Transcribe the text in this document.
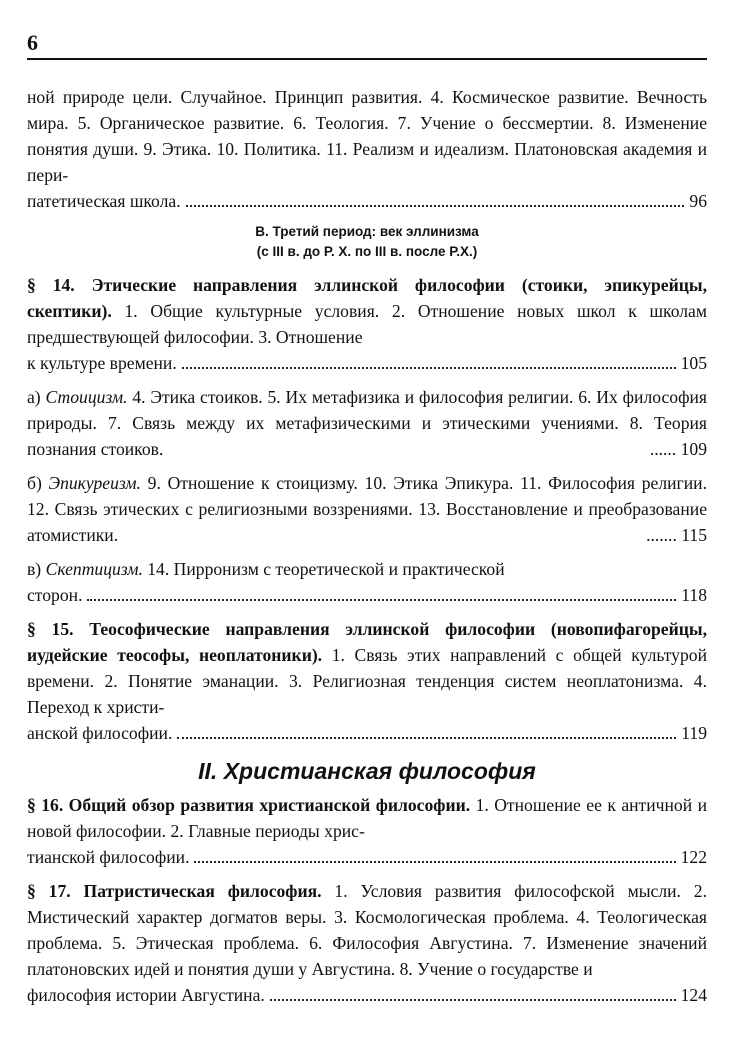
6
ной природе цели. Случайное. Принцип развития. 4. Космическое развитие. Вечность мира. 5. Органическое развитие. 6. Теология. 7. Учение о бессмертии. 8. Изменение понятия души. 9. Этика. 10. Политика. 11. Реализм и идеализм. Платоновская академия и пери-
патетическая школа.	96
В. Третий период: век эллинизма
(с III в. до Р. Х. по III в. после Р.Х.)
§ 14. Этические направления эллинской философии (стоики, эпикурейцы, скептики). 1. Общие культурные условия. 2. Отношение новых школ к школам предшествующей философии. 3. Отношение
к культуре времени.	105
а) Стоицизм. 4. Этика стоиков. 5. Их метафизика и философия религии. 6. Их философия природы. 7. Связь между их метафизическими и этическими учениями. 8. Теория познания стоиков.	...... 109
б) Эпикуреизм. 9. Отношение к стоицизму. 10. Этика Эпикура. 11. Философия религии. 12. Связь этических с религиозными воззрениями. 13. Восстановление и преобразование атомистики.	....... 115
в) Скептицизм. 14. Пирронизм с теоретической и практической
сторон.	118
§ 15. Теософические направления эллинской философии (новопифагорейцы, иудейские теософы, неоплатоники). 1. Связь этих направлений с общей культурой времени. 2. Понятие эманации. 3. Религиозная тенденция систем неоплатонизма. 4. Переход к христи-
анской философии.	119
II. Христианская философия
§ 16. Общий обзор развития христианской философии. 1. Отношение ее к античной и новой философии. 2. Главные периоды хрис-
тианской философии.	122
§ 17. Патристическая философия. 1. Условия развития философской мысли. 2. Мистический характер догматов веры. 3. Космологическая проблема. 4. Теологическая проблема. 5. Этическая проблема. 6. Философия Августина. 7. Изменение значений платоновских идей и понятия души у Августина. 8. Учение о государстве и
философия истории Августина.	124
